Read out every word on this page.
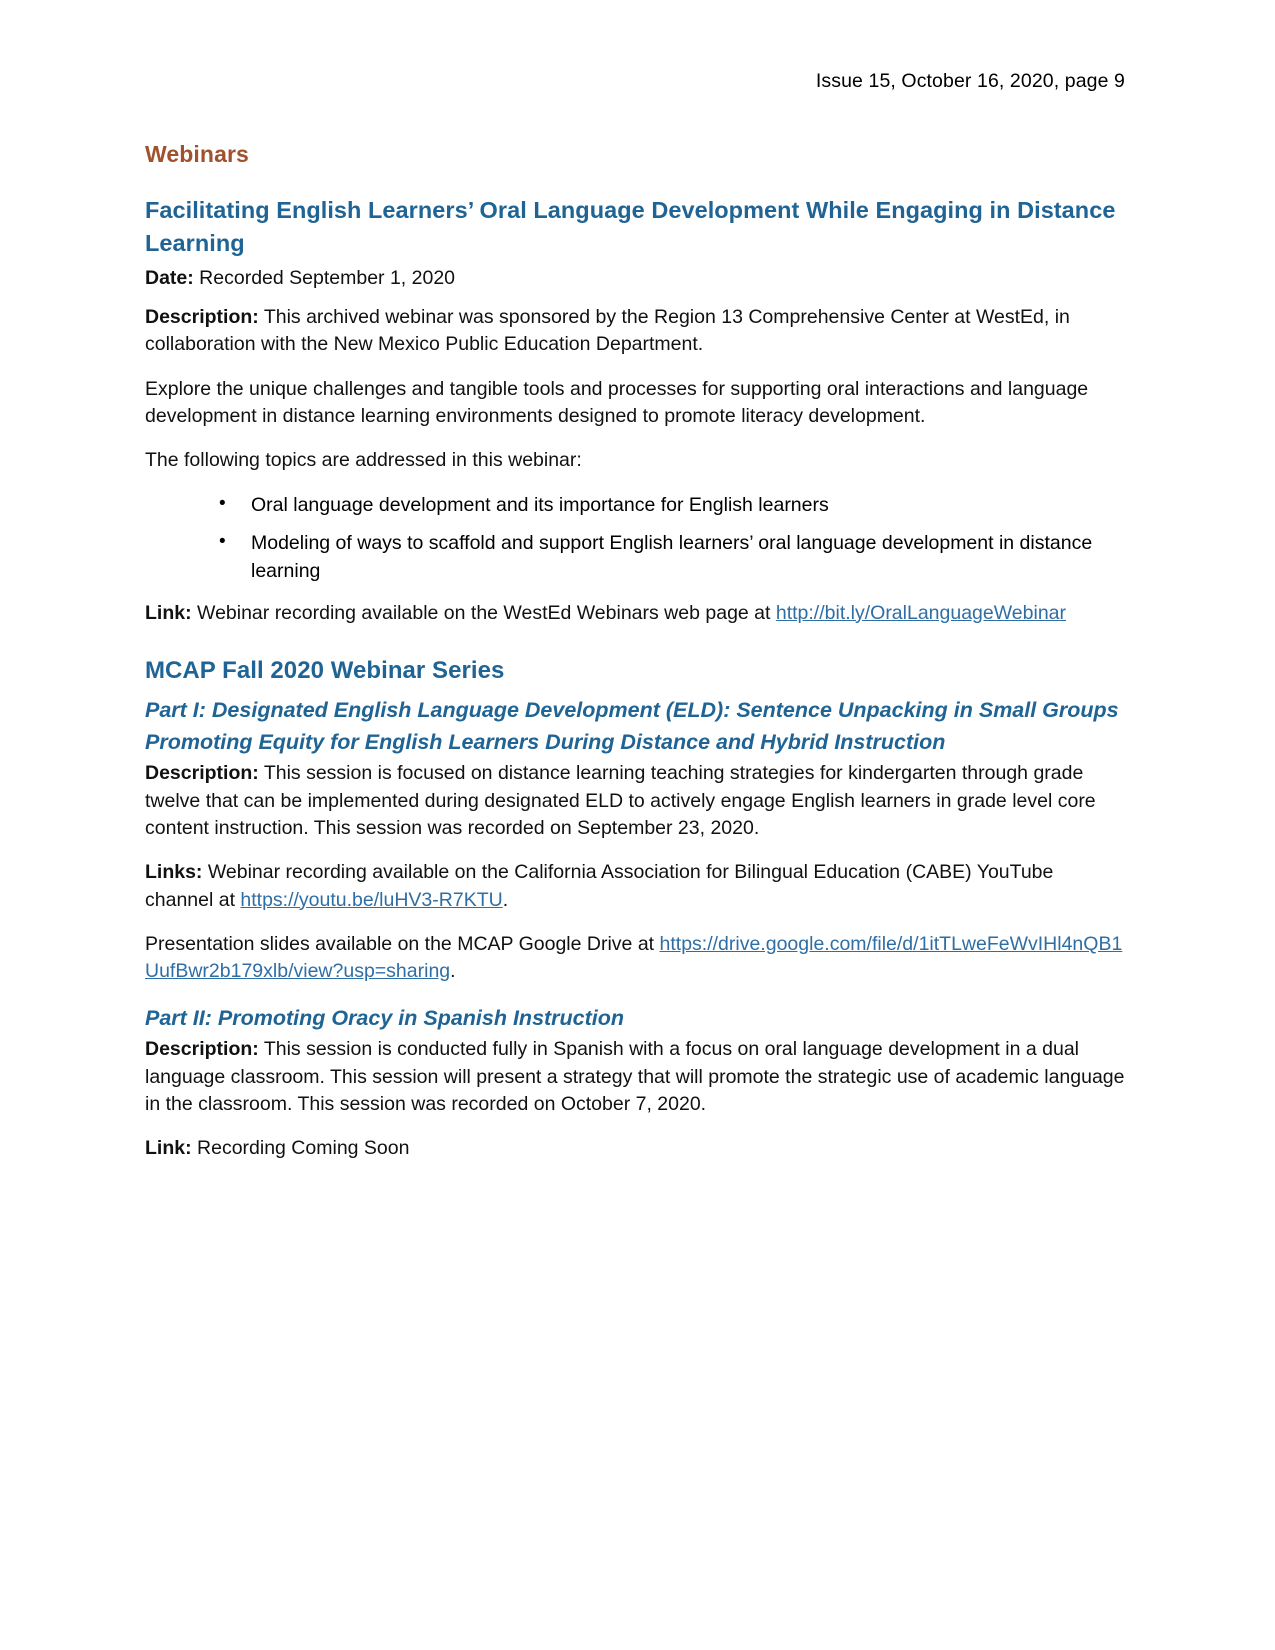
Issue 15, October 16, 2020, page 9
Webinars
Facilitating English Learners’ Oral Language Development While Engaging in Distance Learning

Date: Recorded September 1, 2020

Description: This archived webinar was sponsored by the Region 13 Comprehensive Center at WestEd, in collaboration with the New Mexico Public Education Department.

Explore the unique challenges and tangible tools and processes for supporting oral interactions and language development in distance learning environments designed to promote literacy development.

The following topics are addressed in this webinar:

• Oral language development and its importance for English learners
• Modeling of ways to scaffold and support English learners’ oral language development in distance learning

Link: Webinar recording available on the WestEd Webinars web page at http://bit.ly/OralLanguageWebinar

MCAP Fall 2020 Webinar Series
Part I: Designated English Language Development (ELD): Sentence Unpacking in Small Groups Promoting Equity for English Learners During Distance and Hybrid Instruction

Description: This session is focused on distance learning teaching strategies for kindergarten through grade twelve that can be implemented during designated ELD to actively engage English learners in grade level core content instruction. This session was recorded on September 23, 2020.

Links: Webinar recording available on the California Association for Bilingual Education (CABE) YouTube channel at https://youtu.be/luHV3-R7KTU.

Presentation slides available on the MCAP Google Drive at https://drive.google.com/file/d/1itTLweFeWvIHl4nQB1UufBwr2b179xlb/view?usp=sharing.

Part II: Promoting Oracy in Spanish Instruction

Description: This session is conducted fully in Spanish with a focus on oral language development in a dual language classroom. This session will present a strategy that will promote the strategic use of academic language in the classroom. This session was recorded on October 7, 2020.

Link: Recording Coming Soon
